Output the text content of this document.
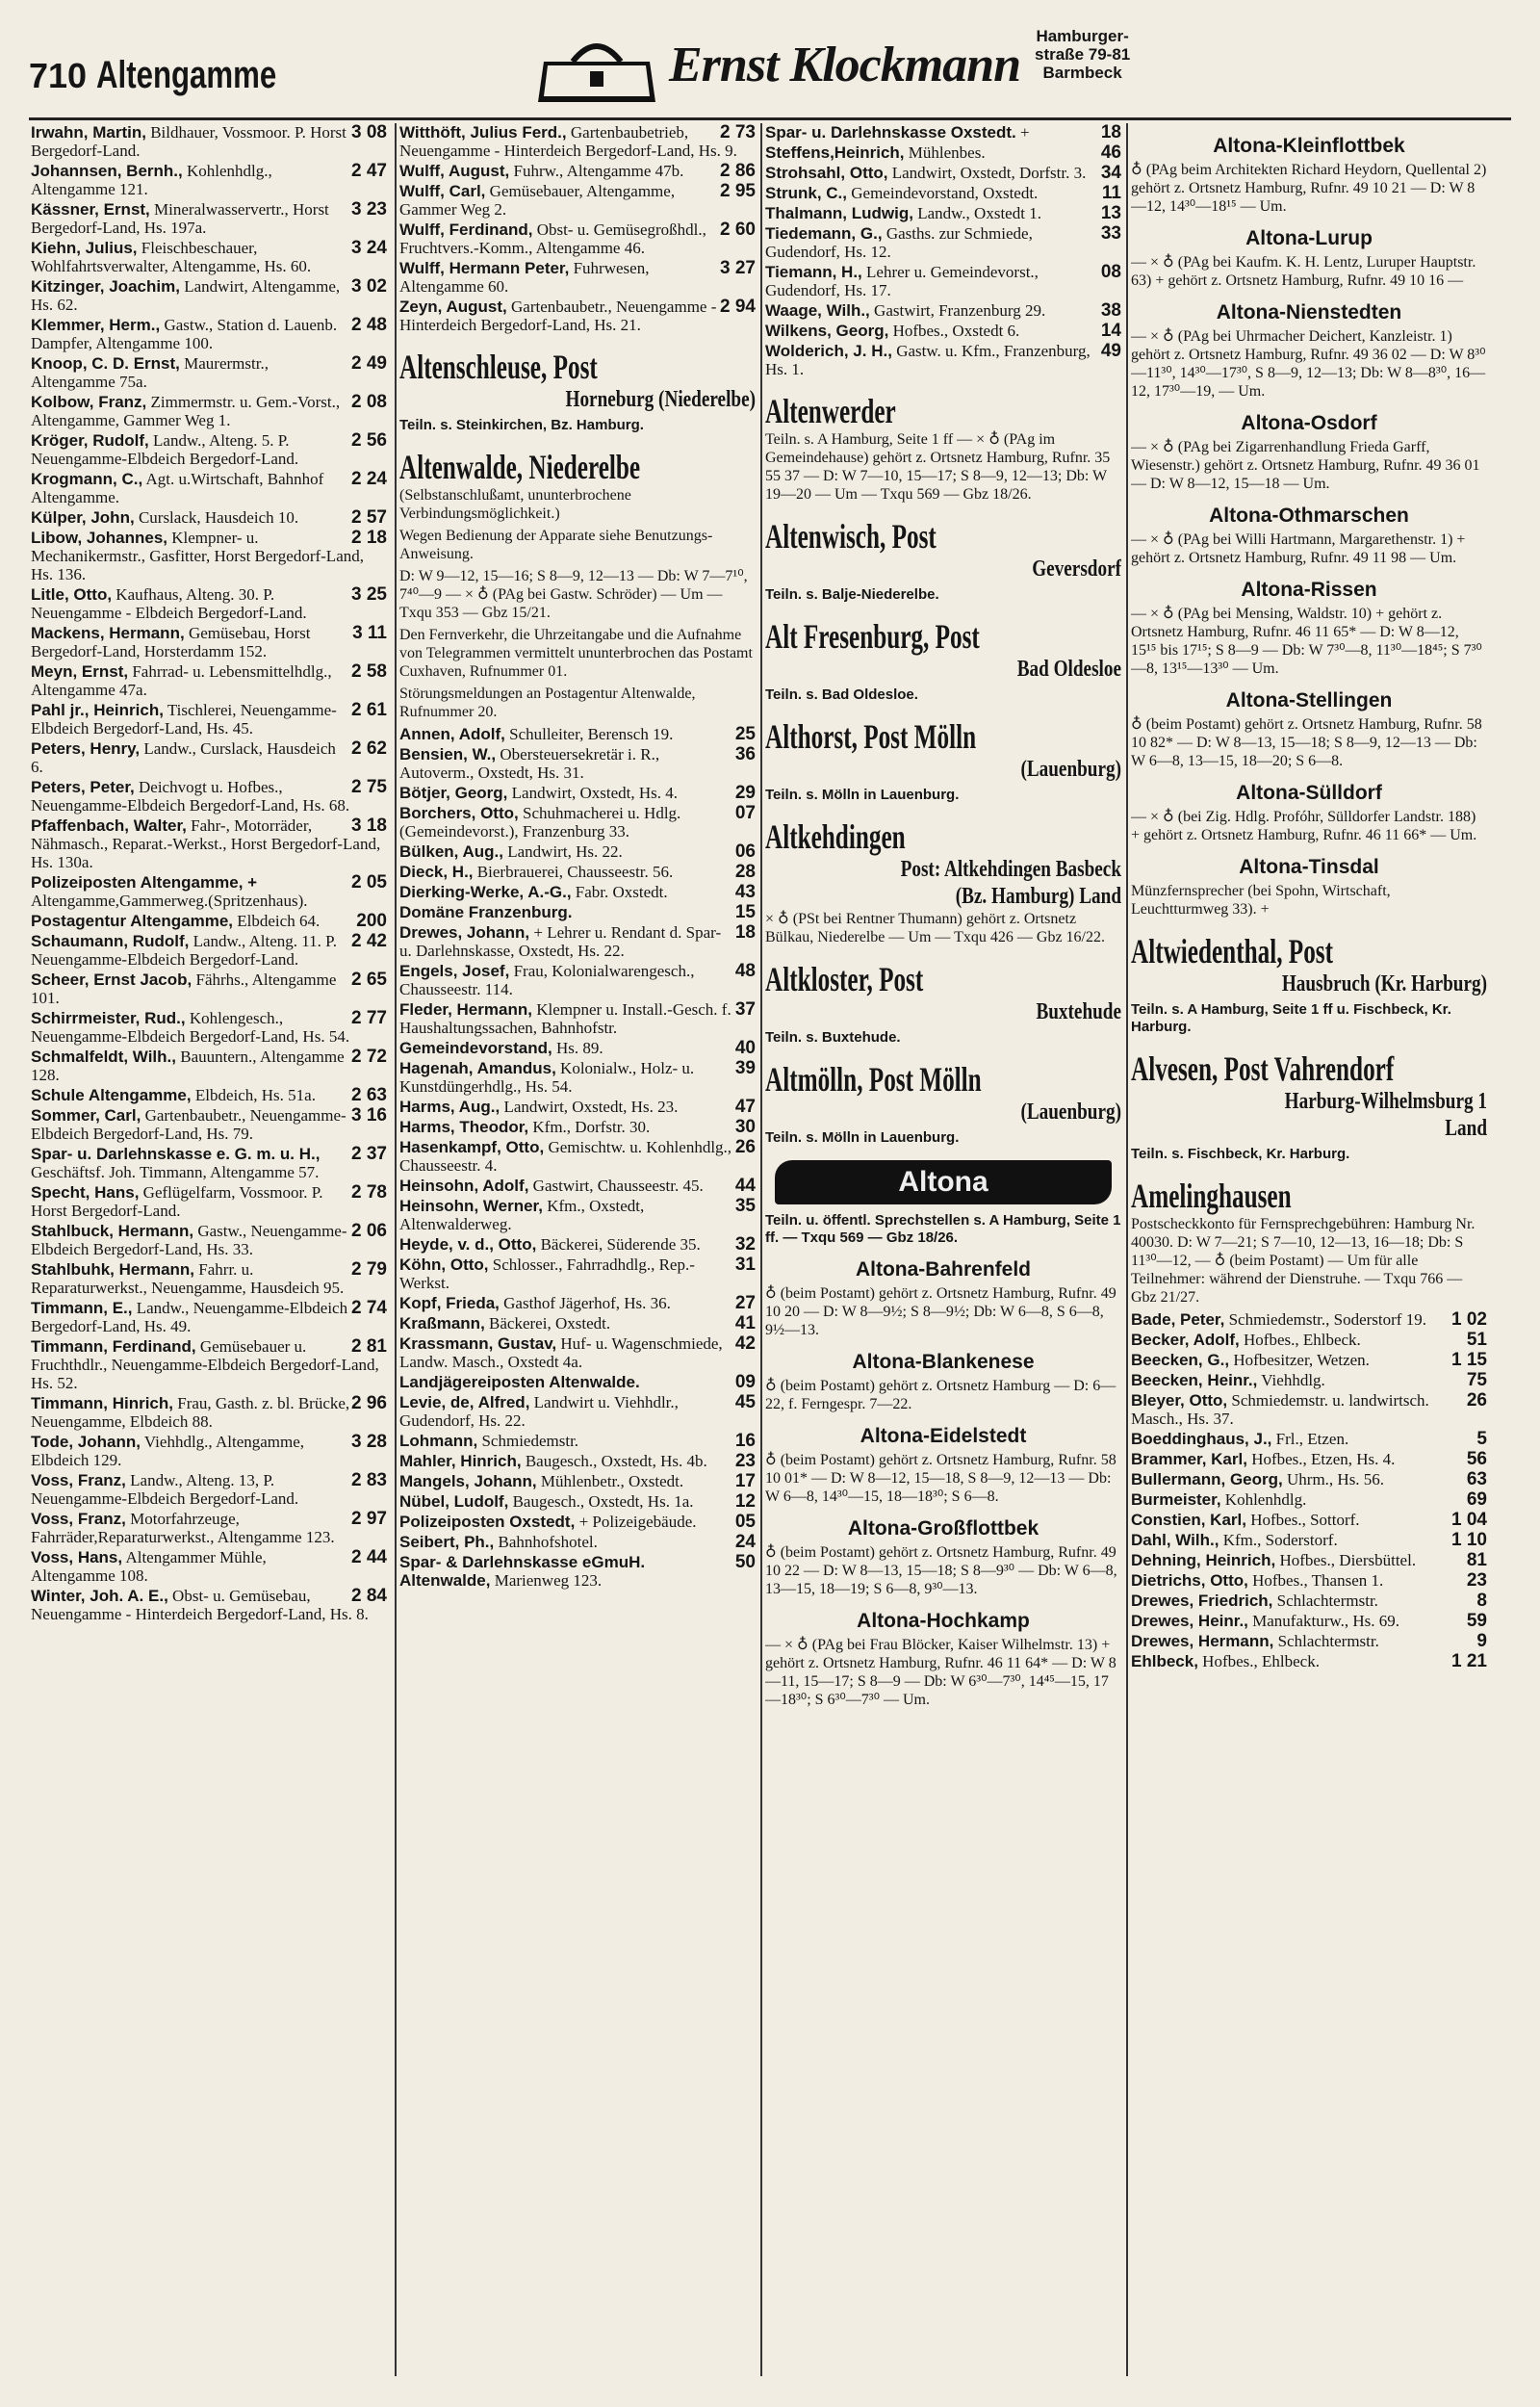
710 Altengamme	Ernst Klockmann
Hamburger-
straße 79-81
Barmbeck
3 08
Irwahn, Martin, Bildhauer, Vossmoor. P. Horst Bergedorf-Land.
2 47
Johannsen, Bernh., Kohlenhdlg., Altengamme 121.
3 23
Kässner, Ernst, Mineralwasservertr., Horst Bergedorf-Land, Hs. 197a.
3 24
Kiehn, Julius, Fleischbeschauer, Wohlfahrtsverwalter, Altengamme, Hs. 60.
3 02
Kitzinger, Joachim, Landwirt, Altengamme, Hs. 62.
2 48
Klemmer, Herm., Gastw., Station d. Lauenb. Dampfer, Altengamme 100.
2 49
Knoop, C. D. Ernst, Maurermstr., Altengamme 75a.
2 08
Kolbow, Franz, Zimmermstr. u. Gem.-Vorst., Altengamme, Gammer Weg 1.
2 56
Kröger, Rudolf, Landw., Alteng. 5. P. Neuengamme-Elbdeich Bergedorf-Land.
2 24
Krogmann, C., Agt. u.Wirtschaft, Bahnhof Altengamme.
2 57
Külper, John, Curslack, Hausdeich 10.
2 18
Libow, Johannes, Klempner- u. Mechanikermstr., Gasfitter, Horst Bergedorf-Land, Hs. 136.
3 25
Litle, Otto, Kaufhaus, Alteng. 30. P. Neuengamme - Elbdeich Bergedorf-Land.
3 11
Mackens, Hermann, Gemüsebau, Horst Bergedorf-Land, Horsterdamm 152.
2 58
Meyn, Ernst, Fahrrad- u. Lebensmittelhdlg., Altengamme 47a.
2 61
Pahl jr., Heinrich, Tischlerei, Neuengamme-Elbdeich Bergedorf-Land, Hs. 45.
2 62
Peters, Henry, Landw., Curslack, Hausdeich 6.
2 75
Peters, Peter, Deichvogt u. Hofbes., Neuengamme-Elbdeich Bergedorf-Land, Hs. 68.
3 18
Pfaffenbach, Walter, Fahr-, Motorräder, Nähmasch., Reparat.-Werkst., Horst Bergedorf-Land, Hs. 130a.
2 05
Polizeiposten Altengamme, + Altengamme,Gammerweg.(Spritzenhaus).
200
Postagentur Altengamme, Elbdeich 64.
2 42
Schaumann, Rudolf, Landw., Alteng. 11. P. Neuengamme-Elbdeich Bergedorf-Land.
2 65
Scheer, Ernst Jacob, Fährhs., Altengamme 101.
2 77
Schirrmeister, Rud., Kohlengesch., Neuengamme-Elbdeich Bergedorf-Land, Hs. 54.
2 72
Schmalfeldt, Wilh., Bauuntern., Altengamme 128.
2 63
Schule Altengamme, Elbdeich, Hs. 51a.
3 16
Sommer, Carl, Gartenbaubetr., Neuengamme-Elbdeich Bergedorf-Land, Hs. 79.
2 37
Spar- u. Darlehnskasse e. G. m. u. H., Geschäftsf. Joh. Timmann, Altengamme 57.
2 78
Specht, Hans, Geflügelfarm, Vossmoor. P. Horst Bergedorf-Land.
2 06
Stahlbuck, Hermann, Gastw., Neuengamme-Elbdeich Bergedorf-Land, Hs. 33.
2 79
Stahlbuhk, Hermann, Fahrr. u. Reparaturwerkst., Neuengamme, Hausdeich 95.
2 74
Timmann, E., Landw., Neuengamme-Elbdeich Bergedorf-Land, Hs. 49.
2 81
Timmann, Ferdinand, Gemüsebauer u. Fruchthdlr., Neuengamme-Elbdeich Bergedorf-Land, Hs. 52.
2 96
Timmann, Hinrich, Frau, Gasth. z. bl. Brücke, Neuengamme, Elbdeich 88.
3 28
Tode, Johann, Viehhdlg., Altengamme, Elbdeich 129.
2 83
Voss, Franz, Landw., Alteng. 13, P. Neuengamme-Elbdeich Bergedorf-Land.
2 97
Voss, Franz, Motorfahrzeuge, Fahrräder,Reparaturwerkst., Altengamme 123.
2 44
Voss, Hans, Altengammer Mühle, Altengamme 108.
2 84
Winter, Joh. A. E., Obst- u. Gemüsebau, Neuengamme - Hinterdeich Bergedorf-Land, Hs. 8.
2 73
Witthöft, Julius Ferd., Gartenbaubetrieb, Neuengamme - Hinterdeich Bergedorf-Land, Hs. 9.
2 86
Wulff, August, Fuhrw., Altengamme 47b.
2 95
Wulff, Carl, Gemüsebauer, Altengamme, Gammer Weg 2.
2 60
Wulff, Ferdinand, Obst- u. Gemüsegroßhdl., Fruchtvers.-Komm., Altengamme 46.
3 27
Wulff, Hermann Peter, Fuhrwesen, Altengamme 60.
2 94
Zeyn, August, Gartenbaubetr., Neuengamme - Hinterdeich Bergedorf-Land, Hs. 21.
Altenschleuse, Post
Horneburg (Niederelbe)
Teiln. s. Steinkirchen, Bz. Hamburg.
Altenwalde, Niederelbe
(Selbstanschlußamt, ununterbrochene Verbindungsmöglichkeit.)
Wegen Bedienung der Apparate siehe Benutzungs-Anweisung.
D: W 9—12, 15—16; S 8—9, 12—13 — Db: W 7—7¹⁰, 7⁴⁰—9 — × ♁ (PAg bei Gastw. Schröder) — Um — Txqu 353 — Gbz 15/21.
Den Fernverkehr, die Uhrzeitangabe und die Aufnahme von Telegrammen vermittelt ununterbrochen das Postamt Cuxhaven, Rufnummer 01.
Störungsmeldungen an Postagentur Altenwalde, Rufnummer 20.
25
Annen, Adolf, Schulleiter, Berensch 19.
36
Bensien, W., Obersteuersekretär i. R., Autoverm., Oxstedt, Hs. 31.
29
Bötjer, Georg, Landwirt, Oxstedt, Hs. 4.
07
Borchers, Otto, Schuhmacherei u. Hdlg. (Gemeindevorst.), Franzenburg 33.
06
Bülken, Aug., Landwirt, Hs. 22.
28
Dieck, H., Bierbrauerei, Chausseestr. 56.
43
Dierking-Werke, A.-G., Fabr. Oxstedt.
15
Domäne Franzenburg.
18
Drewes, Johann, + Lehrer u. Rendant d. Spar- u. Darlehnskasse, Oxstedt, Hs. 22.
48
Engels, Josef, Frau, Kolonialwarengesch., Chausseestr. 114.
37
Fleder, Hermann, Klempner u. Install.-Gesch. f. Haushaltungssachen, Bahnhofstr.
40
Gemeindevorstand, Hs. 89.
39
Hagenah, Amandus, Kolonialw., Holz- u. Kunstdüngerhdlg., Hs. 54.
47
Harms, Aug., Landwirt, Oxstedt, Hs. 23.
30
Harms, Theodor, Kfm., Dorfstr. 30.
26
Hasenkampf, Otto, Gemischtw. u. Kohlenhdlg., Chausseestr. 4.
44
Heinsohn, Adolf, Gastwirt, Chausseestr. 45.
35
Heinsohn, Werner, Kfm., Oxstedt, Altenwalderweg.
32
Heyde, v. d., Otto, Bäckerei, Süderende 35.
31
Köhn, Otto, Schlosser., Fahrradhdlg., Rep.-Werkst.
27
Kopf, Frieda, Gasthof Jägerhof, Hs. 36.
41
Kraßmann, Bäckerei, Oxstedt.
42
Krassmann, Gustav, Huf- u. Wagenschmiede, Landw. Masch., Oxstedt 4a.
09
Landjägereiposten Altenwalde.
45
Levie, de, Alfred, Landwirt u. Viehhdlr., Gudendorf, Hs. 22.
16
Lohmann, Schmiedemstr.
23
Mahler, Hinrich, Baugesch., Oxstedt, Hs. 4b.
17
Mangels, Johann, Mühlenbetr., Oxstedt.
12
Nübel, Ludolf, Baugesch., Oxstedt, Hs. 1a.
05
Polizeiposten Oxstedt, + Polizeigebäude.
24
Seibert, Ph., Bahnhofshotel.
50
Spar- & Darlehnskasse eGmuH. Altenwalde, Marienweg 123.
18
Spar- u. Darlehnskasse Oxstedt. +
46
Steffens,Heinrich, Mühlenbes.
34
Strohsahl, Otto, Landwirt, Oxstedt, Dorfstr. 3.
11
Strunk, C., Gemeindevorstand, Oxstedt.
13
Thalmann, Ludwig, Landw., Oxstedt 1.
33
Tiedemann, G., Gasths. zur Schmiede, Gudendorf, Hs. 12.
08
Tiemann, H., Lehrer u. Gemeindevorst., Gudendorf, Hs. 17.
38
Waage, Wilh., Gastwirt, Franzenburg 29.
14
Wilkens, Georg, Hofbes., Oxstedt 6.
49
Wolderich, J. H., Gastw. u. Kfm., Franzenburg, Hs. 1.
Altenwerder
Teiln. s. A Hamburg, Seite 1 ff — × ♁ (PAg im Gemeindehause) gehört z. Ortsnetz Hamburg, Rufnr. 35 55 37 — D: W 7—10, 15—17; S 8—9, 12—13; Db: W 19—20 — Um — Txqu 569 — Gbz 18/26.
Altenwisch, Post
Geversdorf
Teiln. s. Balje-Niederelbe.
Alt Fresenburg, Post
Bad Oldesloe
Teiln. s. Bad Oldesloe.
Althorst, Post Mölln
(Lauenburg)
Teiln. s. Mölln in Lauenburg.
Altkehdingen
Post: Altkehdingen Basbeck
(Bz. Hamburg) Land
× ♁ (PSt bei Rentner Thumann) gehört z. Ortsnetz Bülkau, Niederelbe — Um — Txqu 426 — Gbz 16/22.
Altkloster, Post
Buxtehude
Teiln. s. Buxtehude.
Altmölln, Post Mölln
(Lauenburg)
Teiln. s. Mölln in Lauenburg.
Altona
Teiln. u. öffentl. Sprechstellen s. A Hamburg, Seite 1 ff. — Txqu 569 — Gbz 18/26.
Altona-Bahrenfeld
♁ (beim Postamt) gehört z. Ortsnetz Hamburg, Rufnr. 49 10 20 — D: W 8—9½; S 8—9½; Db: W 6—8, S 6—8, 9½—13.
Altona-Blankenese
♁ (beim Postamt) gehört z. Ortsnetz Hamburg — D: 6—22, f. Ferngespr. 7—22.
Altona-Eidelstedt
♁ (beim Postamt) gehört z. Ortsnetz Hamburg, Rufnr. 58 10 01* — D: W 8—12, 15—18, S 8—9, 12—13 — Db: W 6—8, 14³⁰—15, 18—18³⁰; S 6—8.
Altona-Großflottbek
♁ (beim Postamt) gehört z. Ortsnetz Hamburg, Rufnr. 49 10 22 — D: W 8—13, 15—18; S 8—9³⁰ — Db: W 6—8, 13—15, 18—19; S 6—8, 9³⁰—13.
Altona-Hochkamp
— × ♁ (PAg bei Frau Blöcker, Kaiser Wilhelmstr. 13) + gehört z. Ortsnetz Hamburg, Rufnr. 46 11 64* — D: W 8—11, 15—17; S 8—9 — Db: W 6³⁰—7³⁰, 14⁴⁵—15, 17—18³⁰; S 6³⁰—7³⁰ — Um.
Altona-Kleinflottbek
♁ (PAg beim Architekten Richard Heydorn, Quellental 2) gehört z. Ortsnetz Hamburg, Rufnr. 49 10 21 — D: W 8—12, 14³⁰—18¹⁵ — Um.
Altona-Lurup
— × ♁ (PAg bei Kaufm. K. H. Lentz, Luruper Hauptstr. 63) + gehört z. Ortsnetz Hamburg, Rufnr. 49 10 16 —
Altona-Nienstedten
— × ♁ (PAg bei Uhrmacher Deichert, Kanzleistr. 1) gehört z. Ortsnetz Hamburg, Rufnr. 49 36 02 — D: W 8³⁰—11³⁰, 14³⁰—17³⁰, S 8—9, 12—13; Db: W 8—8³⁰, 16—12, 17³⁰—19, — Um.
Altona-Osdorf
— × ♁ (PAg bei Zigarrenhandlung Frieda Garff, Wiesenstr.) gehört z. Ortsnetz Hamburg, Rufnr. 49 36 01 — D: W 8—12, 15—18 — Um.
Altona-Othmarschen
— × ♁ (PAg bei Willi Hartmann, Margarethenstr. 1) + gehört z. Ortsnetz Hamburg, Rufnr. 49 11 98 — Um.
Altona-Rissen
— × ♁ (PAg bei Mensing, Waldstr. 10) + gehört z. Ortsnetz Hamburg, Rufnr. 46 11 65* — D: W 8—12, 15¹⁵ bis 17¹⁵; S 8—9 — Db: W 7³⁰—8, 11³⁰—18⁴⁵; S 7³⁰—8, 13¹⁵—13³⁰ — Um.
Altona-Stellingen
♁ (beim Postamt) gehört z. Ortsnetz Hamburg, Rufnr. 58 10 82* — D: W 8—13, 15—18; S 8—9, 12—13 — Db: W 6—8, 13—15, 18—20; S 6—8.
Altona-Sülldorf
— × ♁ (bei Zig. Hdlg. Profóhr, Sülldorfer Landstr. 188) + gehört z. Ortsnetz Hamburg, Rufnr. 46 11 66* — Um.
Altona-Tinsdal
Münzfernsprecher (bei Spohn, Wirtschaft, Leuchtturmweg 33). +
Altwiedenthal, Post
Hausbruch (Kr. Harburg)
Teiln. s. A Hamburg, Seite 1 ff u. Fischbeck, Kr. Harburg.
Alvesen, Post Vahrendorf
Harburg-Wilhelmsburg 1
Land
Teiln. s. Fischbeck, Kr. Harburg.
Amelinghausen
Postscheckkonto für Fernsprechgebühren: Hamburg Nr. 40030. D: W 7—21; S 7—10, 12—13, 16—18; Db: S 11³⁰—12, — ♁ (beim Postamt) — Um für alle Teilnehmer: während der Dienstruhe. — Txqu 766 — Gbz 21/27.
1 02
Bade, Peter, Schmiedemstr., Soderstorf 19.
51
Becker, Adolf, Hofbes., Ehlbeck.
1 15
Beecken, G., Hofbesitzer, Wetzen.
75
Beecken, Heinr., Viehhdlg.
26
Bleyer, Otto, Schmiedemstr. u. landwirtsch. Masch., Hs. 37.
5
Boeddinghaus, J., Frl., Etzen.
56
Brammer, Karl, Hofbes., Etzen, Hs. 4.
63
Bullermann, Georg, Uhrm., Hs. 56.
69
Burmeister, Kohlenhdlg.
1 04
Constien, Karl, Hofbes., Sottorf.
1 10
Dahl, Wilh., Kfm., Soderstorf.
81
Dehning, Heinrich, Hofbes., Diersbüttel.
23
Dietrichs, Otto, Hofbes., Thansen 1.
8
Drewes, Friedrich, Schlachtermstr.
59
Drewes, Heinr., Manufakturw., Hs. 69.
9
Drewes, Hermann, Schlachtermstr.
1 21
Ehlbeck, Hofbes., Ehlbeck.
